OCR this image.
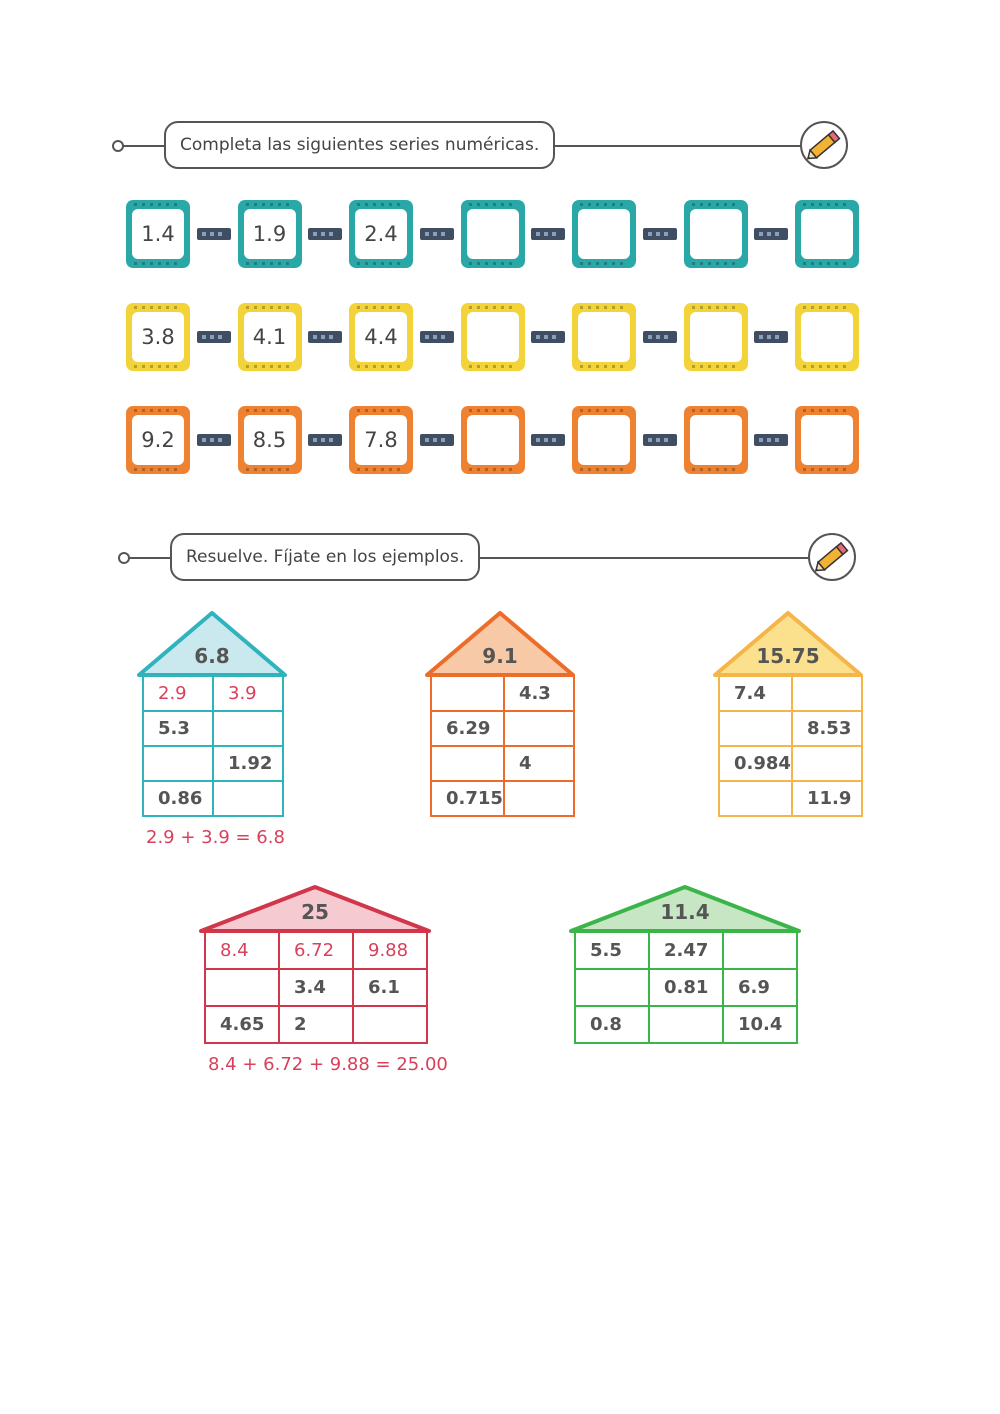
Completa las siguientes series numéricas.
1.4	1.9	2.4
3.8	4.1	4.4
9.2	8.5	7.8
Resuelve. Fíjate en los ejemplos.
6.8
2.9	3.9
5.3	
	1.92
0.86	
2.9 + 3.9 = 6.8
9.1
	4.3
6.29	
	4
0.715	
15.75
7.4	
	8.53
0.984	
	11.9
25
8.4	6.72	9.88
	3.4	6.1
4.65	2	
8.4 + 6.72 + 9.88 = 25.00
11.4
5.5	2.47	
	0.81	6.9
0.8		10.4
